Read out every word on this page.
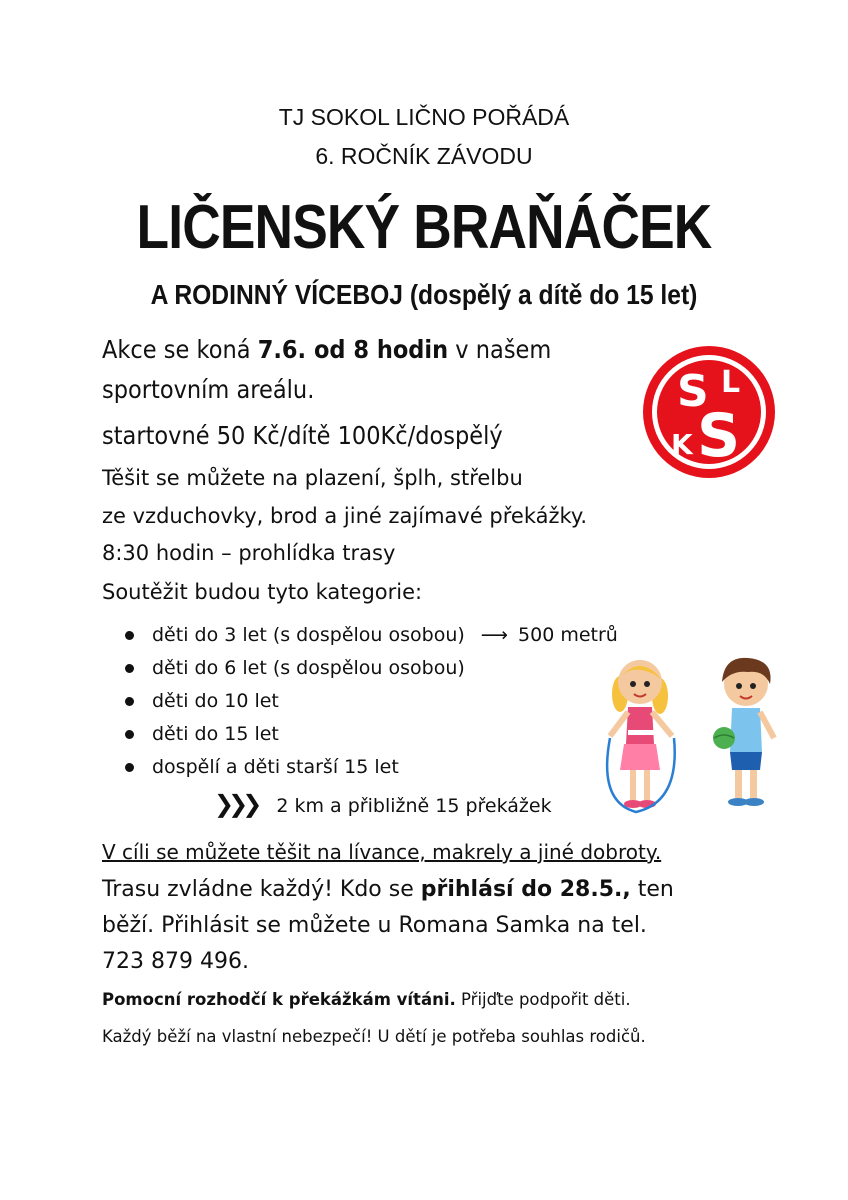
TJ SOKOL LIČNO POŘÁDÁ
6. ROČNÍK ZÁVODU
LIČENSKÝ BRAŇÁČEK
A RODINNÝ VÍCEBOJ (dospělý a dítě do 15 let)
Akce se koná 7.6. od 8 hodin v našem
sportovním areálu.
startovné 50 Kč/dítě 100Kč/dospělý
Těšit se můžete na plazení, šplh, střelbu
ze vzduchovky, brod a jiné zajímavé překážky.
8:30 hodin – prohlídka trasy
Soutěžit budou tyto kategorie:
děti do 3 let (s dospělou osobou) ⟶ 500 metrů
děti do 6 let (s dospělou osobou)
děti do 10 let
děti do 15 let
dospělí a děti starší 15 let
❯❯❯ 2 km a přibližně 15 překážek
V cíli se můžete těšit na lívance, makrely a jiné dobroty.
Trasu zvládne každý! Kdo se přihlásí do 28.5., ten
běží. Přihlásit se můžete u Romana Samka na tel.
723 879 496.
Pomocní rozhodčí k překážkám vítáni. Přijďte podpořit děti.
Každý běží na vlastní nebezpečí! U dětí je potřeba souhlas rodičů.
S L
K S
